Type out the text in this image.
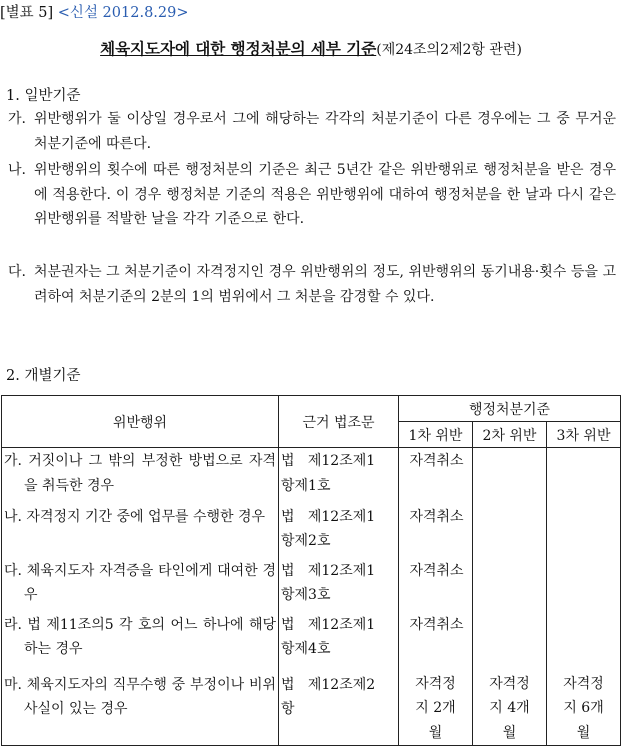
[별표 5] <신설 2012.8.29>
체육지도자에 대한 행정처분의 세부 기준(제24조의2제2항 관련)
1. 일반기준
가. 위반행위가 둘 이상일 경우로서 그에 해당하는 각각의 처분기준이 다른 경우에는 그 중 무거운 처분기준에 따른다.
나. 위반행위의 횟수에 따른 행정처분의 기준은 최근 5년간 같은 위반행위로 행정처분을 받은 경우에 적용한다. 이 경우 행정처분 기준의 적용은 위반행위에 대하여 행정처분을 한 날과 다시 같은 위반행위를 적발한 날을 각각 기준으로 한다.
다. 처분권자는 그 처분기준이 자격정지인 경우 위반행위의 정도, 위반행위의 동기내용·횟수 등을 고려하여 처분기준의 2분의 1의 범위에서 그 처분을 감경할 수 있다.
2. 개별기준
위반행위	근거 법조문	행정처분기준		
		1차 위반	2차 위반	3차 위반

가. 거짓이나 그 밖의 부정한 방법으로 자격을 취득한 경우	법   제12조제1
항제1호	자격취소		

나. 자격정지 기간 중에 업무를 수행한 경우	법   제12조제1
항제2호	자격취소		

다. 체육지도자 자격증을 타인에게 대여한 경우	법   제12조제1
항제3호	자격취소		

라. 법 제11조의5 각 호의 어느 하나에 해당하는 경우	법   제12조제1
항제4호	자격취소		

마. 체육지도자의 직무수행 중 부정이나 비위사실이 있는 경우	법   제12조제2
항	자격정지 2개월	자격정지 4개월	자격정지 6개월
